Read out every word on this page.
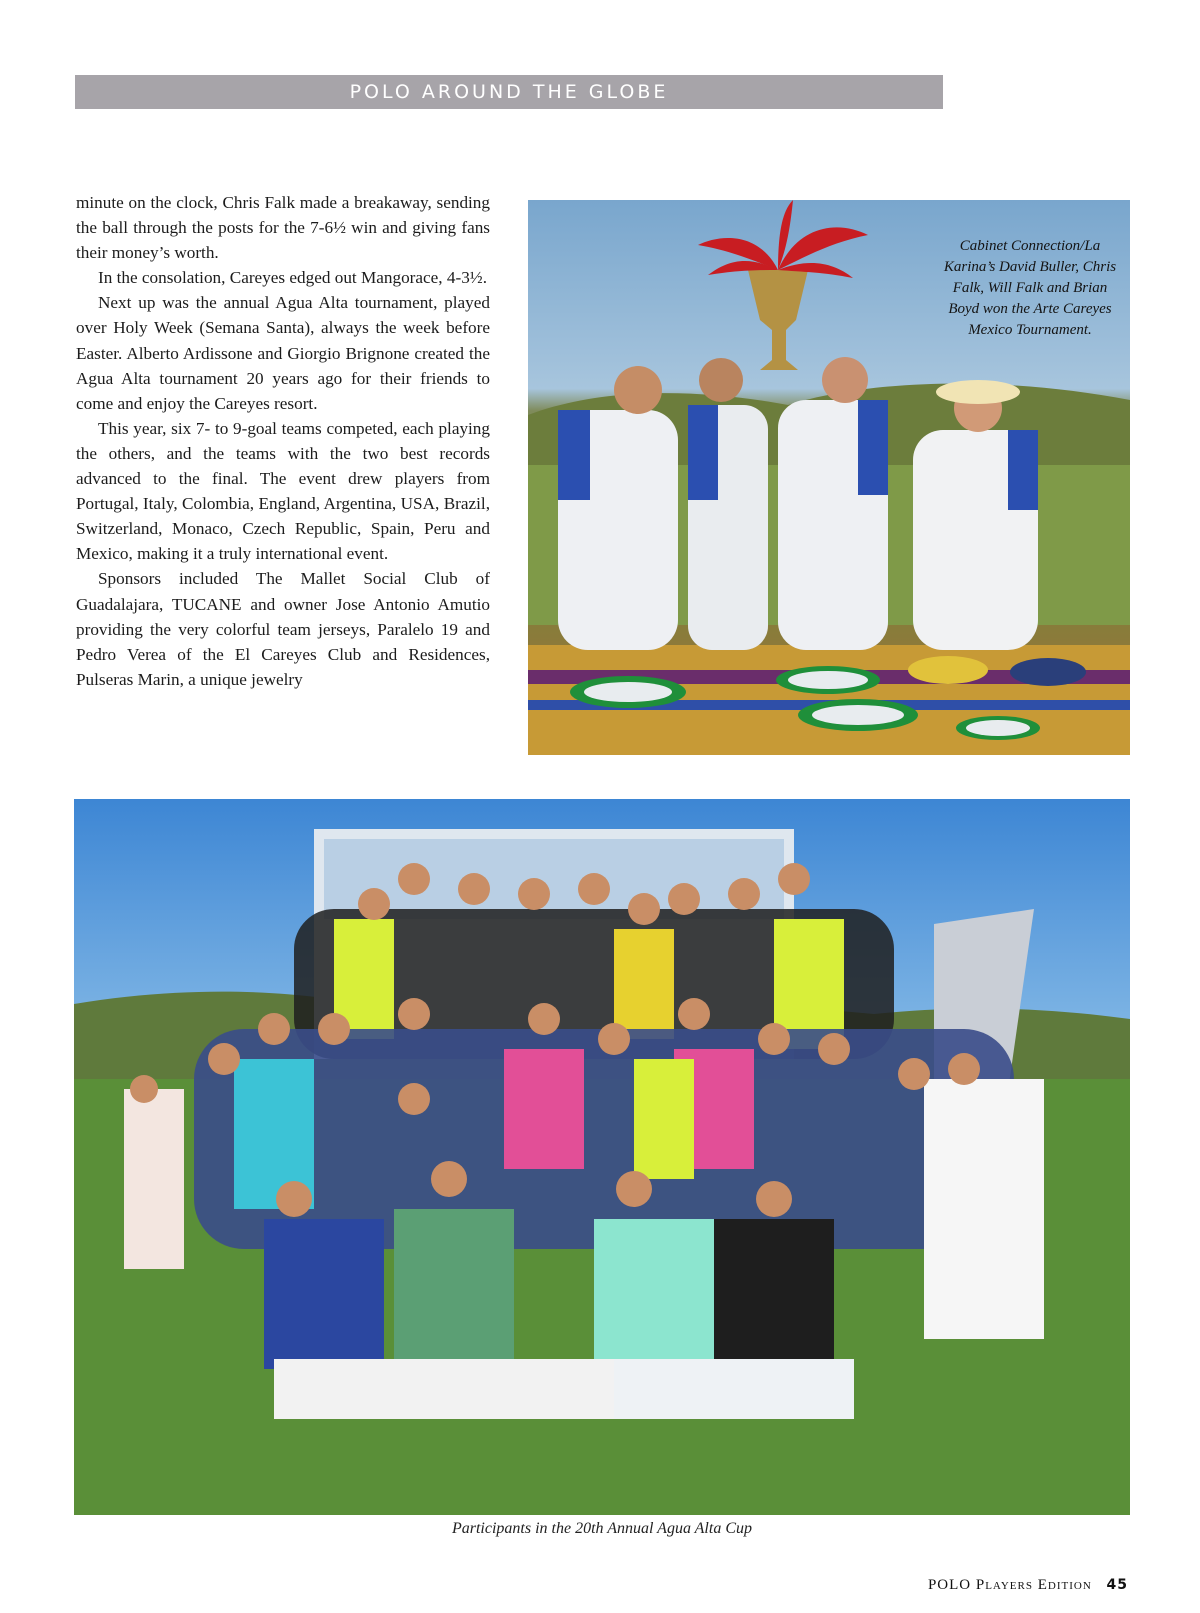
POLO AROUND THE GLOBE

minute on the clock, Chris Falk made a breakaway, sending the ball through the posts for the 7-6½ win and giving fans their money’s worth.

In the consolation, Careyes edged out Mangorace, 4-3½.

Next up was the annual Agua Alta tournament, played over Holy Week (Semana Santa), always the week before Easter. Alberto Ardissone and Giorgio Brignone created the Agua Alta tournament 20 years ago for their friends to come and enjoy the Careyes resort.

This year, six 7- to 9-goal teams competed, each playing the others, and the teams with the two best records advanced to the final. The event drew players from Portugal, Italy, Colombia, England, Argentina, USA, Brazil, Switzerland, Monaco, Czech Republic, Spain, Peru and Mexico, making it a truly international event.

Sponsors included The Mallet Social Club of Guadalajara, TUCANE and owner Jose Antonio Amutio providing the very colorful team jerseys, Paralelo 19 and Pedro Verea of the El Careyes Club and Residences, Pulseras Marin, a unique jewelry

Cabinet Connection/La Karina’s David Buller, Chris Falk, Will Falk and Brian Boyd won the Arte Careyes Mexico Tournament.
Participants in the 20th Annual Agua Alta Cup
POLO Players Edition 45
